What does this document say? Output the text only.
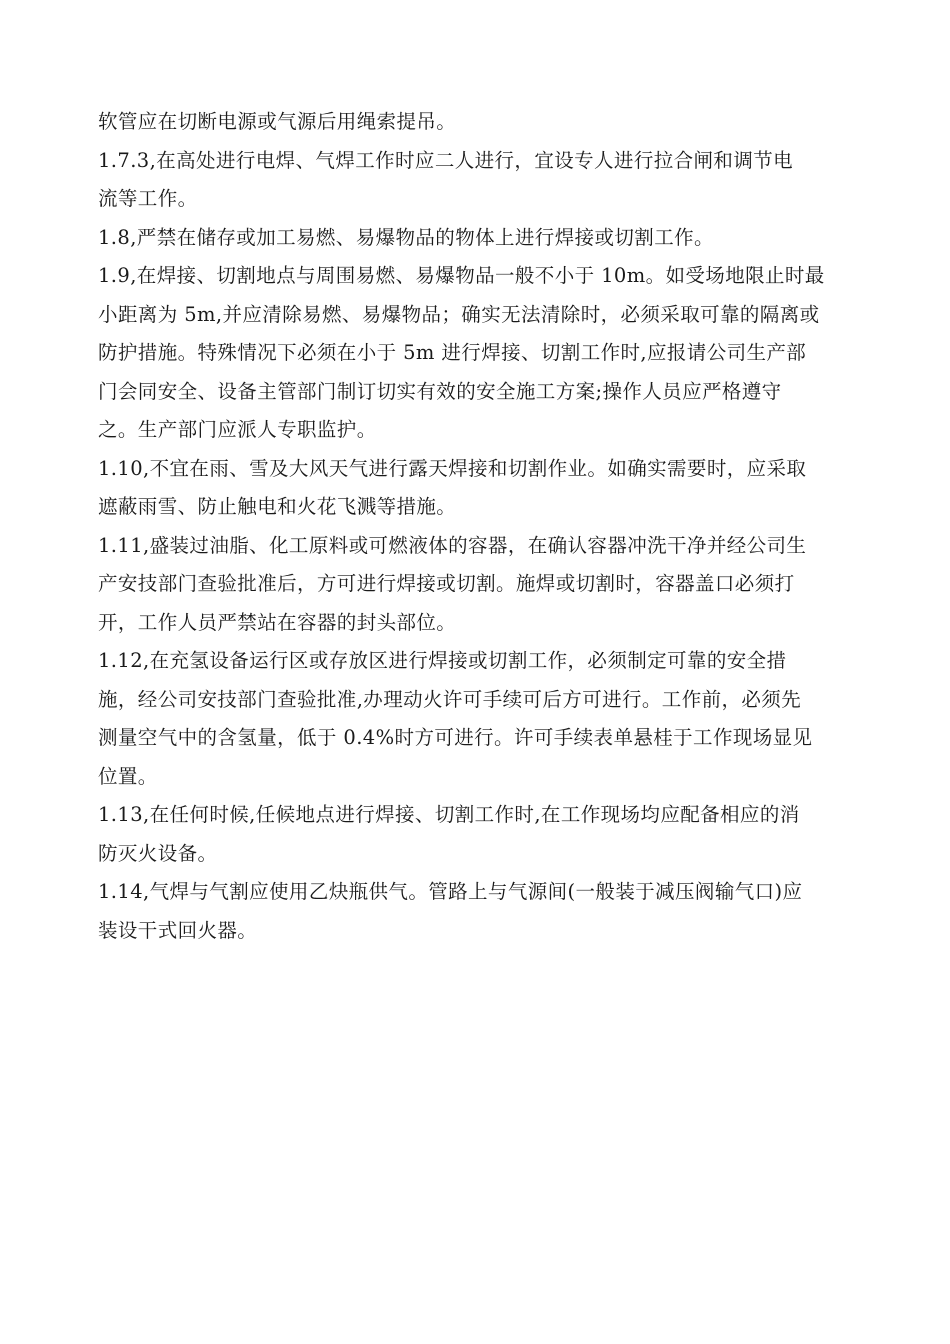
软管应在切断电源或气源后用绳索提吊。

1.7.3,在高处进行电焊、气焊工作时应二人进行，宜设专人进行拉合闸和调节电
流等工作。

1.8,严禁在储存或加工易燃、易爆物品的物体上进行焊接或切割工作。

1.9,在焊接、切割地点与周围易燃、易爆物品一般不小于 10m。如受场地限止时最
小距离为 5m,并应清除易燃、易爆物品；确实无法清除时，必须采取可靠的隔离或
防护措施。特殊情况下必须在小于 5m 进行焊接、切割工作时,应报请公司生产部
门会同安全、设备主管部门制订切实有效的安全施工方案;操作人员应严格遵守
之。生产部门应派人专职监护。

1.10,不宜在雨、雪及大风天气进行露天焊接和切割作业。如确实需要时，应采取
遮蔽雨雪、防止触电和火花飞溅等措施。

1.11,盛装过油脂、化工原料或可燃液体的容器，在确认容器冲洗干净并经公司生
产安技部门查验批准后，方可进行焊接或切割。施焊或切割时，容器盖口必须打
开，工作人员严禁站在容器的封头部位。

1.12,在充氢设备运行区或存放区进行焊接或切割工作，必须制定可靠的安全措
施，经公司安技部门查验批准,办理动火许可手续可后方可进行。工作前，必须先
测量空气中的含氢量，低于 0.4%时方可进行。许可手续表单悬桂于工作现场显见
位置。

1.13,在任何时候,任候地点进行焊接、切割工作时,在工作现场均应配备相应的消
防灭火设备。

1.14,气焊与气割应使用乙炔瓶供气。管路上与气源间(一般装于减压阀输气口)应
装设干式回火器。
